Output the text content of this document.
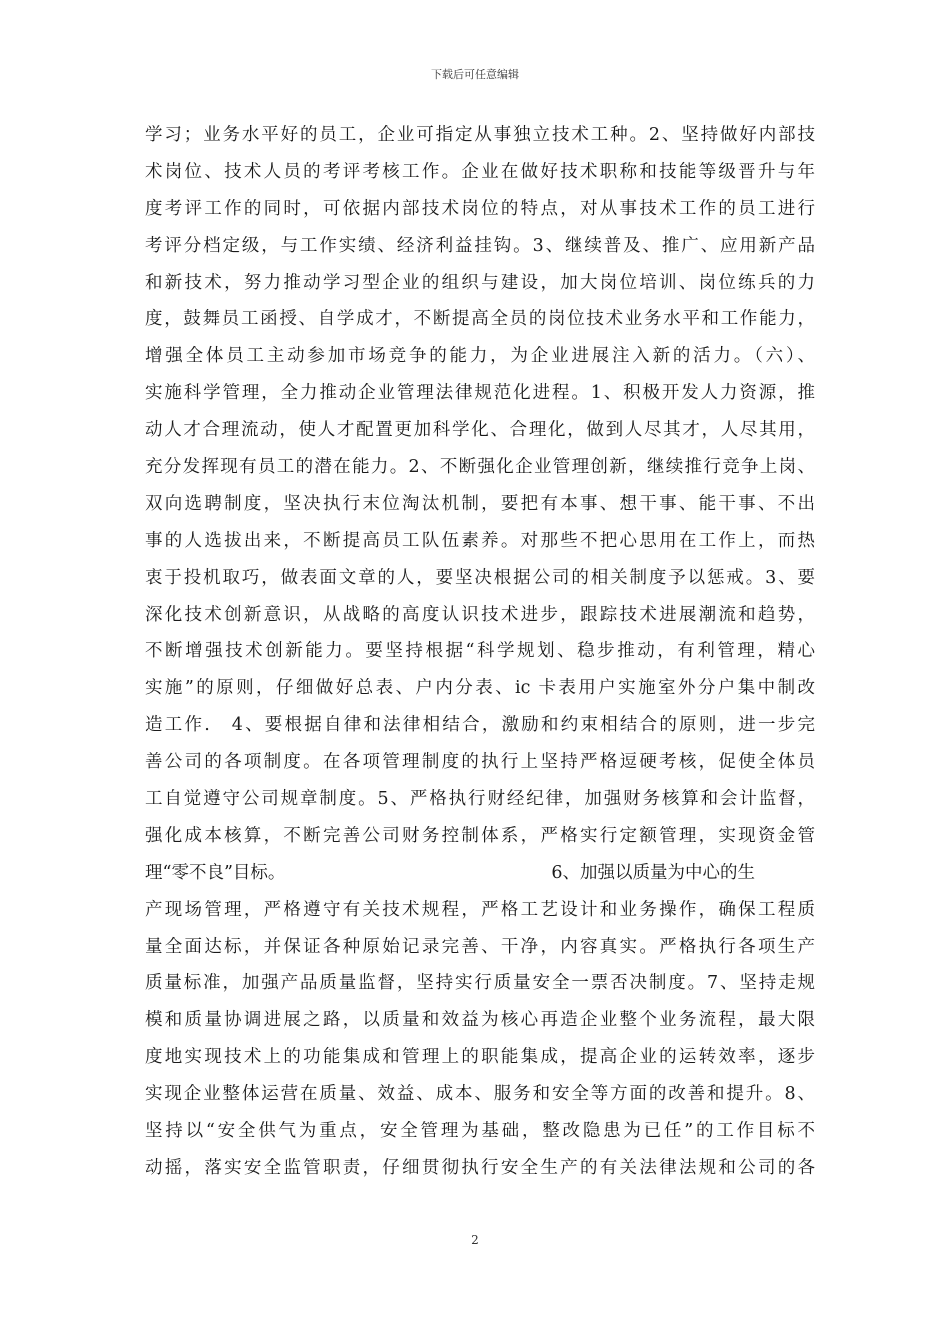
下载后可任意编辑
学习；业务水平好的员工，企业可指定从事独立技术工种。2、坚持做好内部技
术岗位、技术人员的考评考核工作。企业在做好技术职称和技能等级晋升与年
度考评工作的同时，可依据内部技术岗位的特点，对从事技术工作的员工进行
考评分档定级，与工作实绩、经济利益挂钩。3、继续普及、推广、应用新产品
和新技术，努力推动学习型企业的组织与建设，加大岗位培训、岗位练兵的力
度，鼓舞员工函授、自学成才，不断提高全员的岗位技术业务水平和工作能力，
增强全体员工主动参加市场竞争的能力，为企业进展注入新的活力。（六）、
实施科学管理，全力推动企业管理法律规范化进程。1、积极开发人力资源，推
动人才合理流动，使人才配置更加科学化、合理化，做到人尽其才，人尽其用，
充分发挥现有员工的潜在能力。2、不断强化企业管理创新，继续推行竞争上岗、
双向选聘制度，坚决执行末位淘汰机制，要把有本事、想干事、能干事、不出
事的人选拔出来，不断提高员工队伍素养。对那些不把心思用在工作上，而热
衷于投机取巧，做表面文章的人，要坚决根据公司的相关制度予以惩戒。3、要
深化技术创新意识，从战略的高度认识技术进步，跟踪技术进展潮流和趋势，
不断增强技术创新能力。要坚持根据“科学规划、稳步推动，有利管理，精心
实施”的原则，仔细做好总表、户内分表、ic 卡表用户实施室外分户集中制改
造工作.　4、要根据自律和法律相结合，激励和约束相结合的原则，进一步完
善公司的各项制度。在各项管理制度的执行上坚持严格逗硬考核，促使全体员
工自觉遵守公司规章制度。5、严格执行财经纪律，加强财务核算和会计监督，
强化成本核算，不断完善公司财务控制体系，严格实行定额管理，实现资金管
理“零不良”目标。	6、加强以质量为中心的生
产现场管理，严格遵守有关技术规程，严格工艺设计和业务操作，确保工程质
量全面达标，并保证各种原始记录完善、干净，内容真实。严格执行各项生产
质量标准，加强产品质量监督，坚持实行质量安全一票否决制度。7、坚持走规
模和质量协调进展之路，以质量和效益为核心再造企业整个业务流程，最大限
度地实现技术上的功能集成和管理上的职能集成，提高企业的运转效率，逐步
实现企业整体运营在质量、效益、成本、服务和安全等方面的改善和提升。8、
坚持以“安全供气为重点，安全管理为基础，整改隐患为已任”的工作目标不
动摇，落实安全监管职责，仔细贯彻执行安全生产的有关法律法规和公司的各
2
